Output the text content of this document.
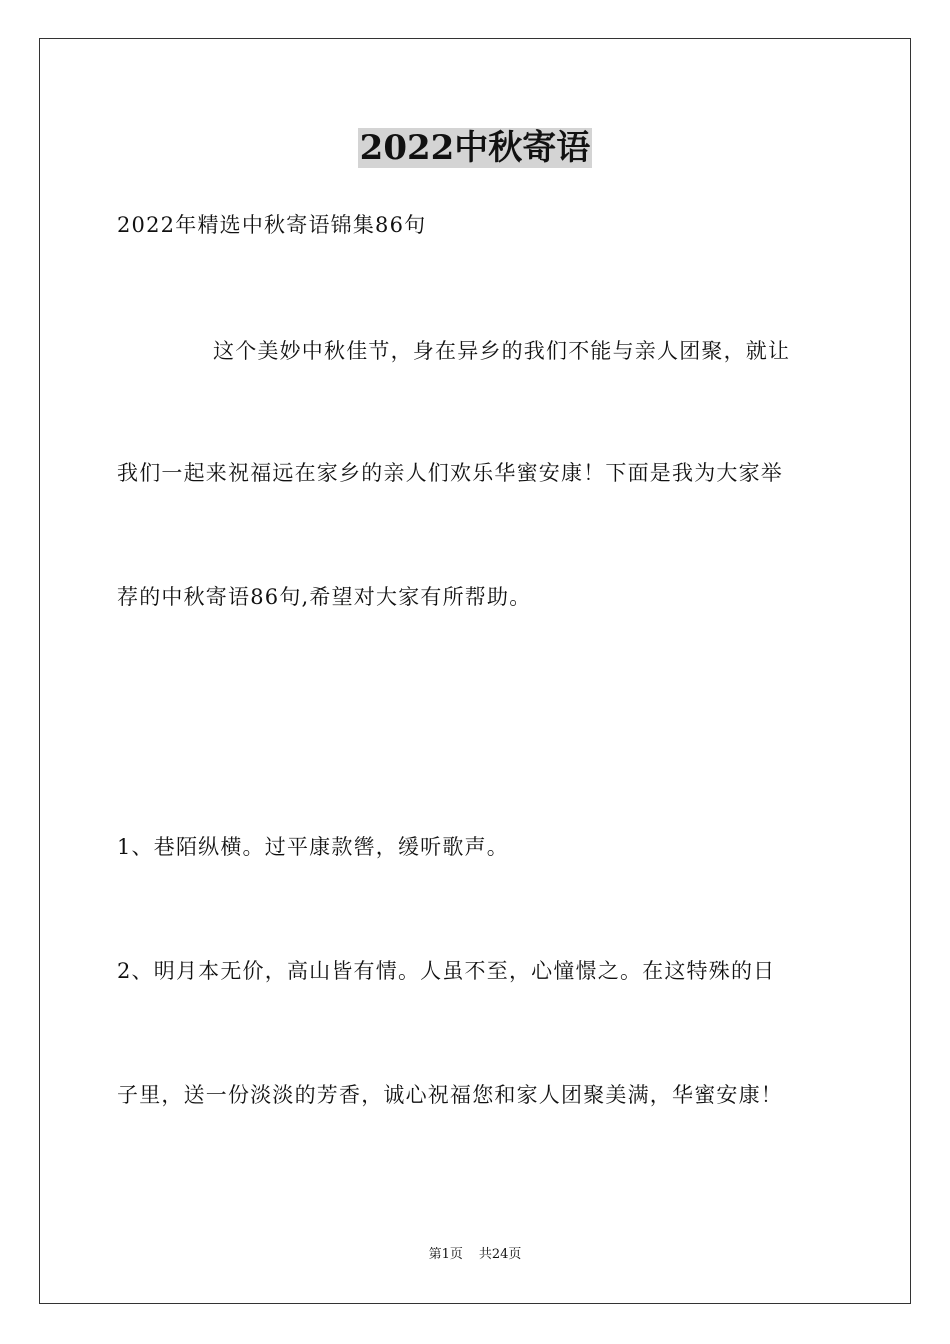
2022中秋寄语
2022年精选中秋寄语锦集86句
这个美妙中秋佳节，身在异乡的我们不能与亲人团聚，就让
我们一起来祝福远在家乡的亲人们欢乐华蜜安康！下面是我为大家举
荐的中秋寄语86句,希望对大家有所帮助。
1、巷陌纵横。过平康款辔，缓听歌声。
2、明月本无价，高山皆有情。人虽不至，心憧憬之。在这特殊的日
子里，送一份淡淡的芳香，诚心祝福您和家人团聚美满，华蜜安康！
第1页 共24页
